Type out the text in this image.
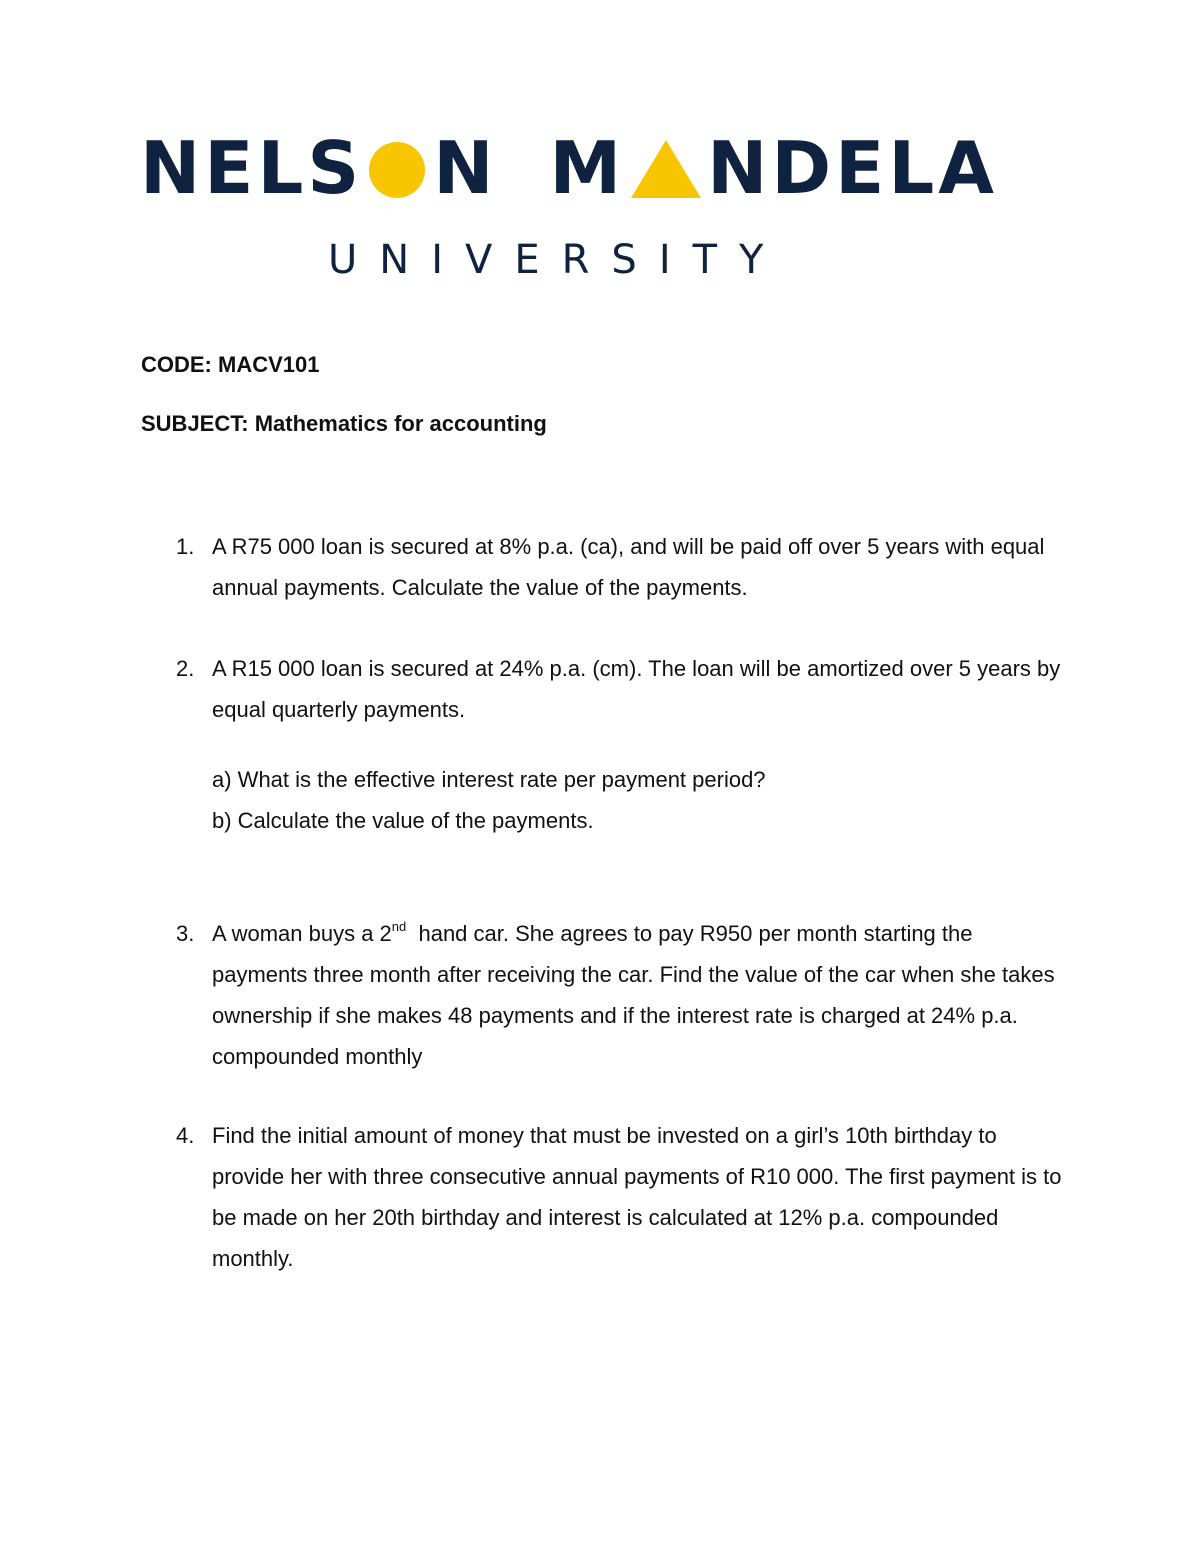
NELS N M NDELA
UNIVERSITY
CODE: MACV101
SUBJECT: Mathematics for accounting
1. A R75 000 loan is secured at 8% p.a. (ca), and will be paid off over 5 years with equal annual payments. Calculate the value of the payments.
2. A R15 000 loan is secured at 24% p.a. (cm). The loan will be amortized over 5 years by equal quarterly payments.
a) What is the effective interest rate per payment period?
b) Calculate the value of the payments.
3. A woman buys a 2nd  hand car. She agrees to pay R950 per month starting the payments three month after receiving the car. Find the value of the car when she takes ownership if she makes 48 payments and if the interest rate is charged at 24% p.a. compounded monthly
4. Find the initial amount of money that must be invested on a girl’s 10th birthday to provide her with three consecutive annual payments of R10 000. The first payment is to be made on her 20th birthday and interest is calculated at 12% p.a. compounded monthly.
